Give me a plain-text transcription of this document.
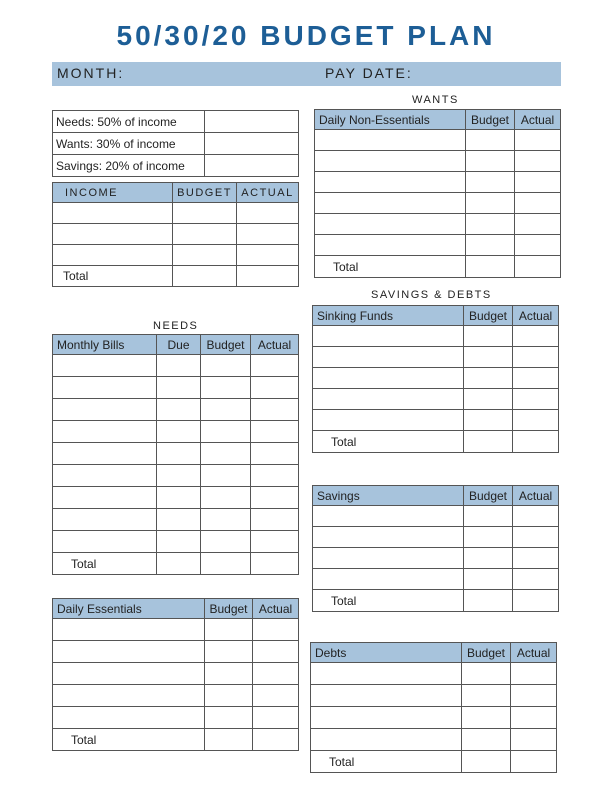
50/30/20 BUDGET PLAN
MONTH:	PAY DATE:
Needs: 50% of income	
Wants: 30% of income	
Savings: 20% of income	
INCOME	BUDGET	ACTUAL

Total		
NEEDS
Monthly Bills	Due	Budget	Actual

Total			
Daily Essentials	Budget	Actual

Total		
WANTS
Daily Non-Essentials	Budget	Actual

Total		
SAVINGS & DEBTS
Sinking Funds	Budget	Actual

Total		
Savings	Budget	Actual

Total		
Debts	Budget	Actual

Total		
